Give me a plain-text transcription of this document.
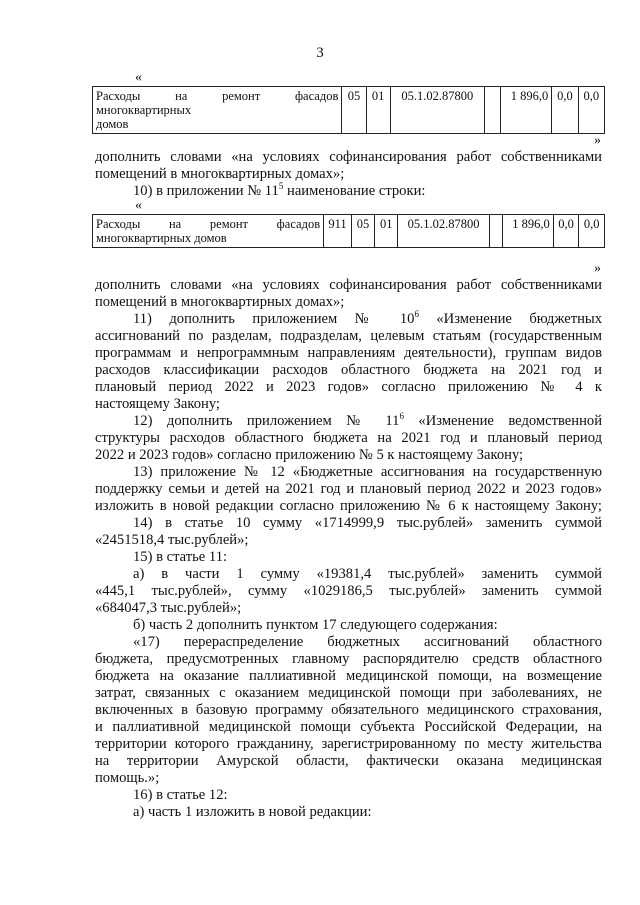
3
«
Расходы на ремонт фасадов многоквартирных
домов
	05	01	05.1.02.87800		1 896,0	0,0	0,0
»
дополнить словами «на условиях софинансирования работ собственниками
помещений в многоквартирных домах»;
10) в приложении № $11^5$ наименование строки:
«
Расходы      на      ремонт      фасадов
многоквартирных домов
	911	05	01	05.1.02.87800		1 896,0	0,0	0,0
»
дополнить словами «на условиях софинансирования работ собственниками
помещений в многоквартирных домах»;
11) дополнить приложением № $10^6$ «Изменение бюджетных
ассигнований по разделам, подразделам, целевым статьям (государственным
программам и непрограммным направлениям деятельности), группам видов
расходов классификации расходов областного бюджета на 2021 год и
плановый период 2022 и 2023 годов» согласно приложению № 4 к
настоящему Закону;
12) дополнить приложением № $11^6$ «Изменение ведомственной
структуры расходов областного бюджета на 2021 год и плановый период
2022 и 2023 годов» согласно приложению № 5 к настоящему Закону;
13) приложение № 12 «Бюджетные ассигнования на государственную
поддержку семьи и детей на 2021 год и плановый период 2022 и 2023 годов»
изложить в новой редакции согласно приложению № 6 к настоящему Закону;
14) в статье 10 сумму «1714999,9 тыс.рублей» заменить суммой
«2451518,4 тыс.рублей»;
15) в статье 11:
а) в части 1 сумму «19381,4 тыс.рублей» заменить суммой
«445,1 тыс.рублей», сумму «1029186,5 тыс.рублей» заменить суммой
«684047,3 тыс.рублей»;
б) часть 2 дополнить пунктом 17 следующего содержания:
«17) перераспределение бюджетных ассигнований областного
бюджета, предусмотренных главному распорядителю средств областного
бюджета на оказание паллиативной медицинской помощи, на возмещение
затрат, связанных с оказанием медицинской помощи при заболеваниях, не
включенных в базовую программу обязательного медицинского страхования,
и паллиативной медицинской помощи субъекта Российской Федерации, на
территории которого гражданину, зарегистрированному по месту жительства
на территории Амурской области, фактически оказана медицинская
помощь.»;
16) в статье 12:
а) часть 1 изложить в новой редакции:
